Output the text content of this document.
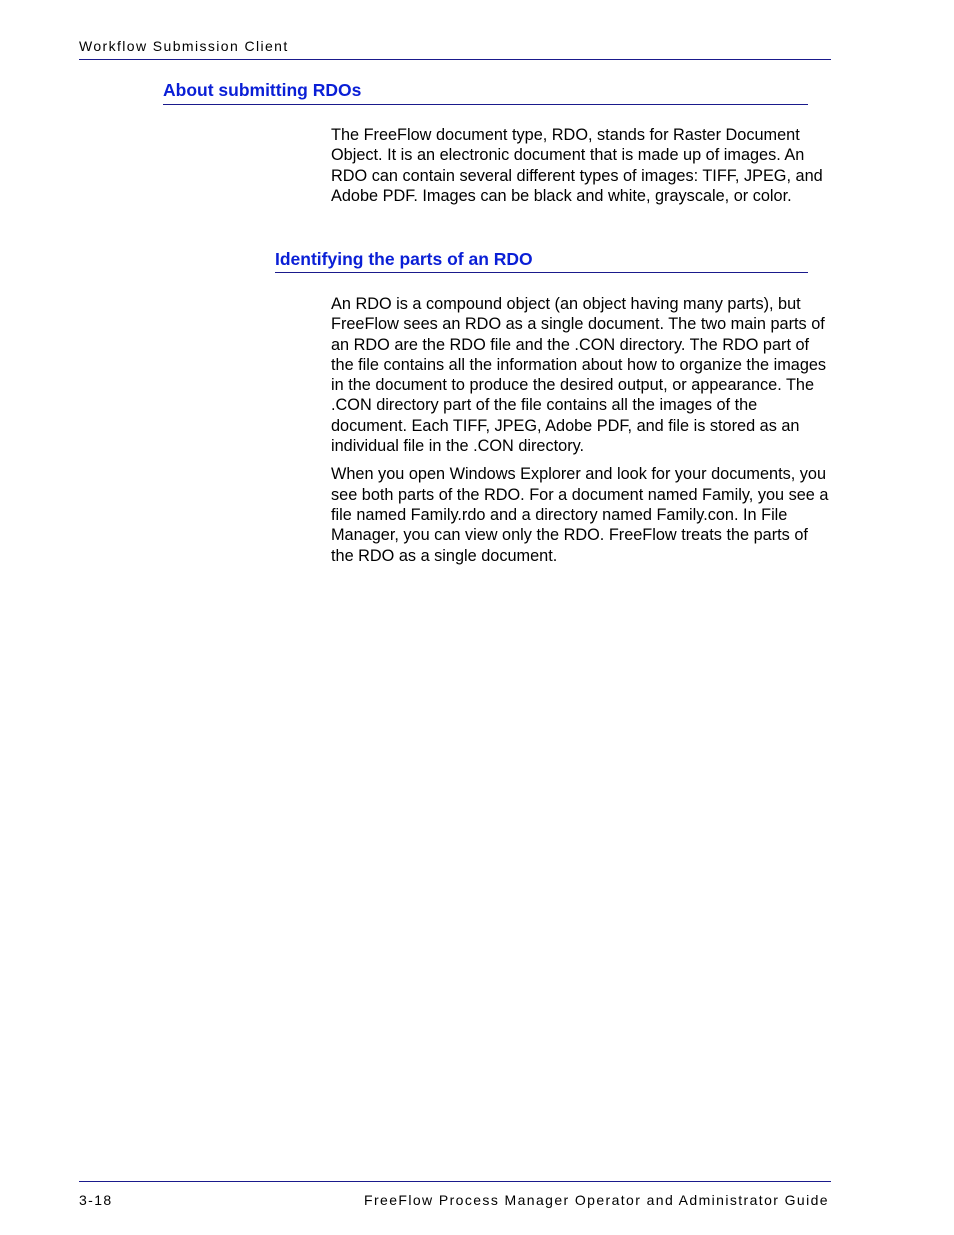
Workflow Submission Client
About submitting RDOs

The FreeFlow document type, RDO, stands for Raster Document Object. It is an electronic document that is made up of images. An RDO can contain several different types of images: TIFF, JPEG, and Adobe PDF. Images can be black and white, grayscale, or color.

Identifying the parts of an RDO

An RDO is a compound object (an object having many parts), but FreeFlow sees an RDO as a single document. The two main parts of an RDO are the RDO file and the .CON directory. The RDO part of the file contains all the information about how to organize the images in the document to produce the desired output, or appearance. The .CON directory part of the file contains all the images of the document. Each TIFF, JPEG, Adobe PDF, and file is stored as an individual file in the .CON directory.

When you open Windows Explorer and look for your documents, you see both parts of the RDO. For a document named Family, you see a file named Family.rdo and a directory named Family.con. In File Manager, you can view only the RDO. FreeFlow treats the parts of the RDO as a single document.

3-18	FreeFlow Process Manager Operator and Administrator Guide
